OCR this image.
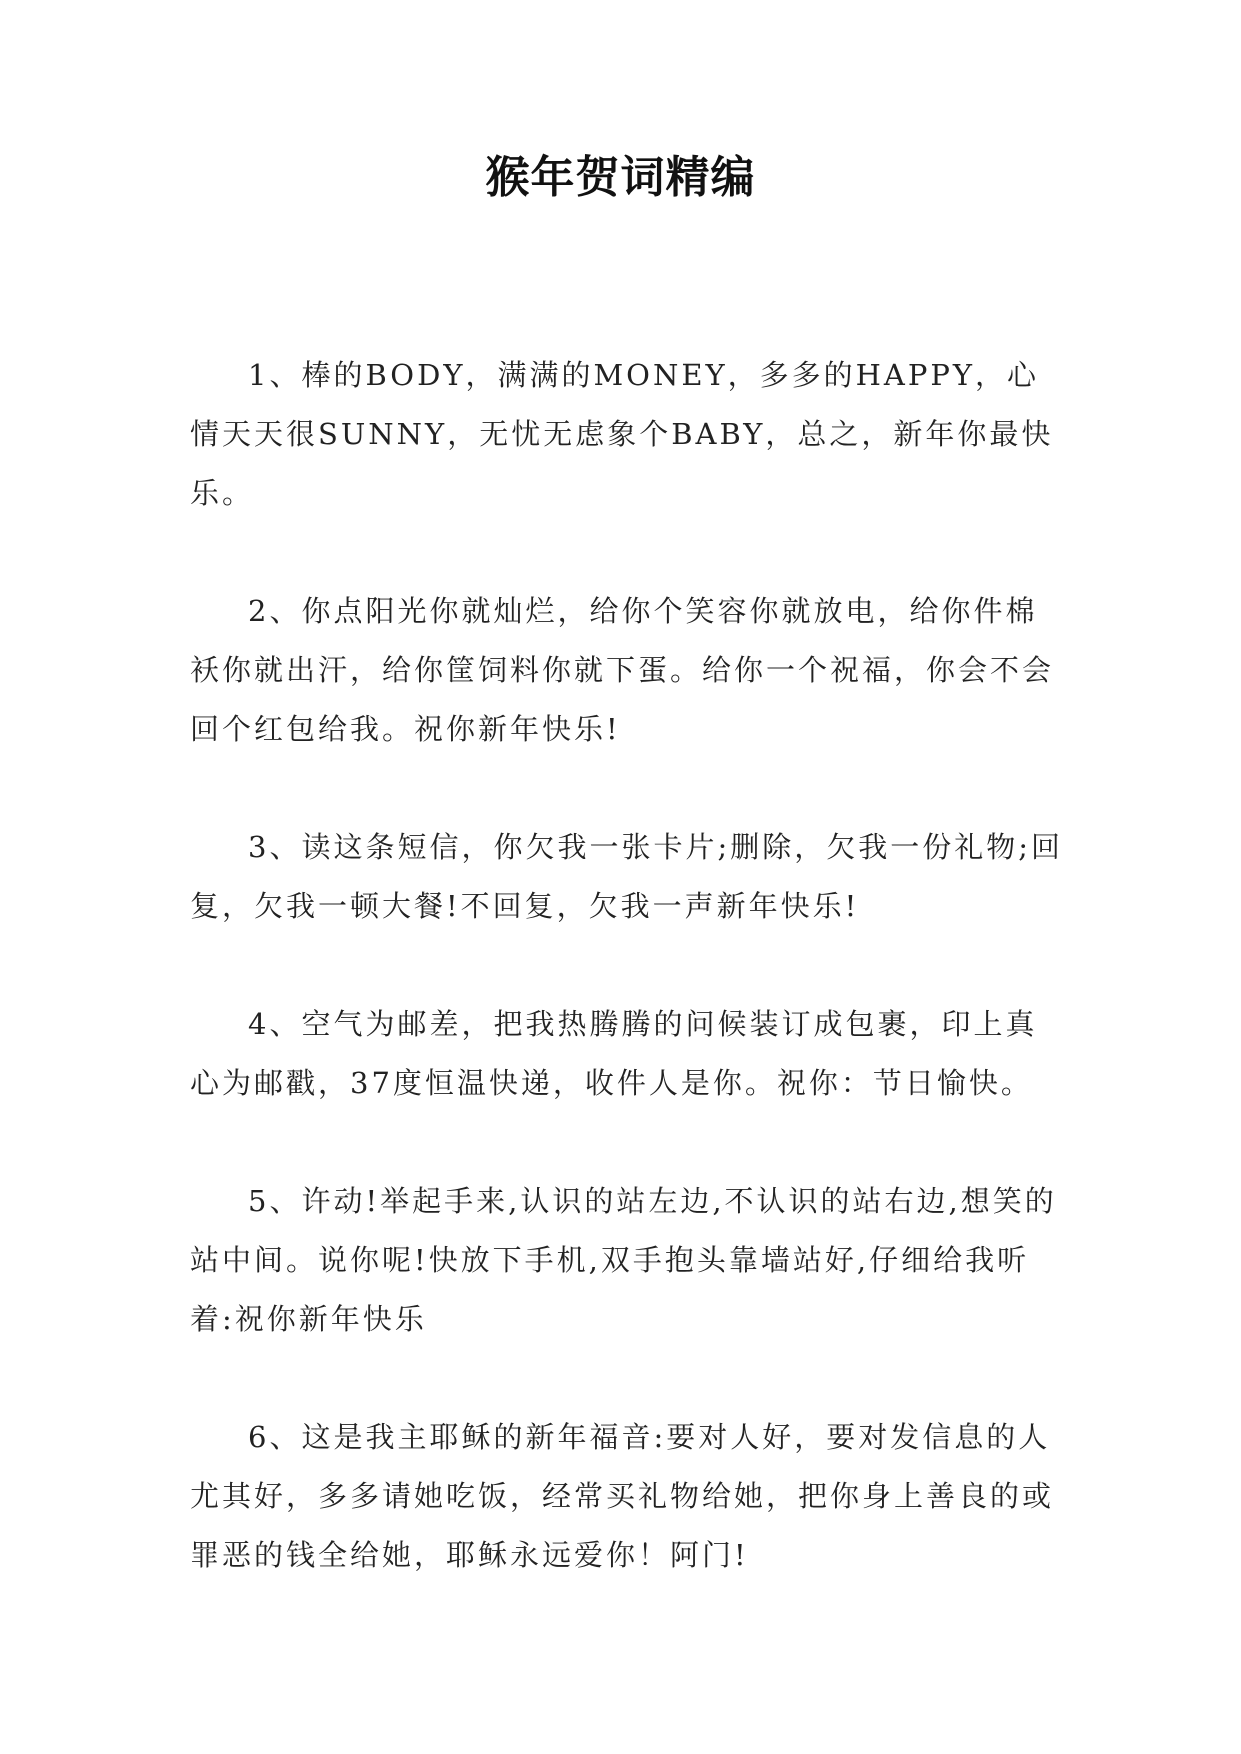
猴年贺词精编

1、棒的BODY，满满的MONEY，多多的HAPPY，心情天天很SUNNY，无忧无虑象个BABY，总之，新年你最快乐。

2、你点阳光你就灿烂，给你个笑容你就放电，给你件棉袄你就出汗，给你筐饲料你就下蛋。给你一个祝福，你会不会回个红包给我。祝你新年快乐!

3、读这条短信，你欠我一张卡片;删除，欠我一份礼物;回复，欠我一顿大餐!不回复，欠我一声新年快乐!

4、空气为邮差，把我热腾腾的问候装订成包裹，印上真心为邮戳，37度恒温快递，收件人是你。祝你：节日愉快。

5、许动!举起手来,认识的站左边,不认识的站右边,想笑的站中间。说你呢!快放下手机,双手抱头靠墙站好,仔细给我听着:祝你新年快乐

6、这是我主耶稣的新年福音:要对人好，要对发信息的人尤其好，多多请她吃饭，经常买礼物给她，把你身上善良的或罪恶的钱全给她，耶稣永远爱你！阿门!
